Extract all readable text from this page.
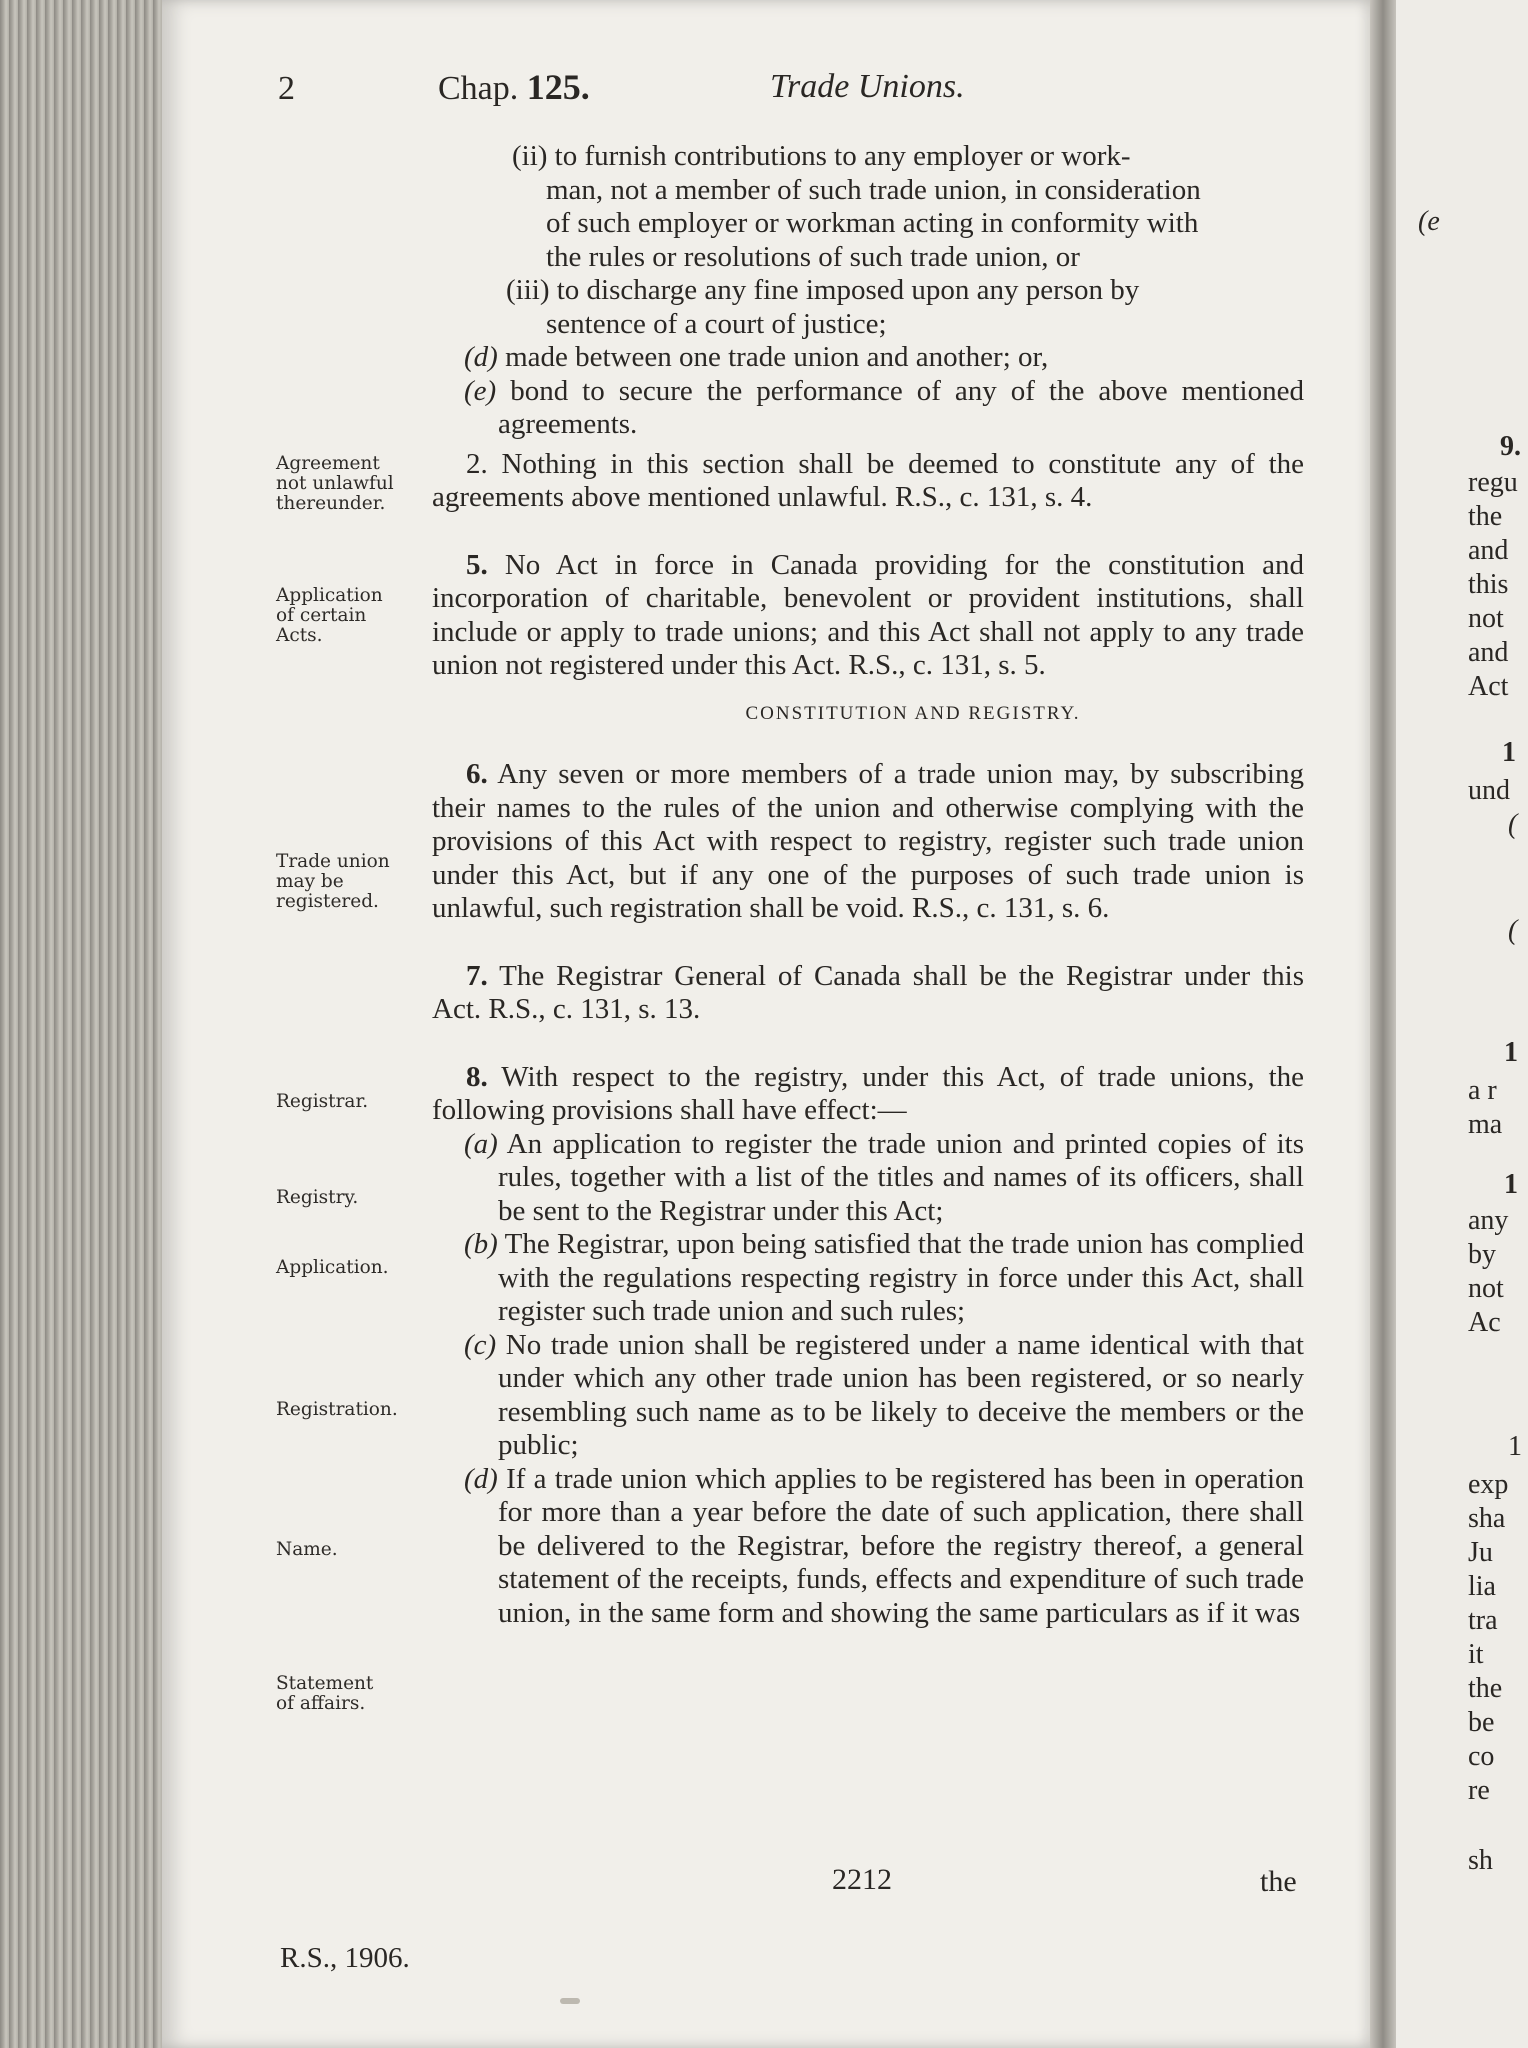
(e
9.
regu
the
and
this
not
and
Act
1
und
(
(
1
a r
ma
1
any
by
not
Ac
1
exp
sha
Ju
lia
tra
it
the
be
co
re
sh
2	Chap. 125.	Trade Unions.
Agreement
not unlawful
thereunder.
Application
of certain
Acts.
Trade union
may be
registered.
Registrar.
Registry.
Application.
Registration.
Name.
Statement
of affairs.

(ii) to furnish contributions to any employer or work-

man, not a member of such trade union, in consideration

of such employer or workman acting in conformity with

the rules or resolutions of such trade union, or

(iii) to discharge any fine imposed upon any person by

sentence of a court of justice;

(d) made between one trade union and another; or,

(e) bond to secure the performance of any of the above mentioned agreements.

2. Nothing in this section shall be deemed to constitute any of the agreements above mentioned unlawful. R.S., c. 131, s. 4.

5. No Act in force in Canada providing for the constitution and incorporation of charitable, benevolent or provident institutions, shall include or apply to trade unions; and this Act shall not apply to any trade union not registered under this Act. R.S., c. 131, s. 5.

CONSTITUTION AND REGISTRY.

6. Any seven or more members of a trade union may, by subscribing their names to the rules of the union and otherwise complying with the provisions of this Act with respect to registry, register such trade union under this Act, but if any one of the purposes of such trade union is unlawful, such registration shall be void. R.S., c. 131, s. 6.

7. The Registrar General of Canada shall be the Registrar under this Act. R.S., c. 131, s. 13.

8. With respect to the registry, under this Act, of trade unions, the following provisions shall have effect:—

(a) An application to register the trade union and printed copies of its rules, together with a list of the titles and names of its officers, shall be sent to the Registrar under this Act;

(b) The Registrar, upon being satisfied that the trade union has complied with the regulations respecting registry in force under this Act, shall register such trade union and such rules;

(c) No trade union shall be registered under a name identical with that under which any other trade union has been registered, or so nearly resembling such name as to be likely to deceive the members or the public;

(d) If a trade union which applies to be registered has been in operation for more than a year before the date of such application, there shall be delivered to the Registrar, before the registry thereof, a general statement of the receipts, funds, effects and expenditure of such trade union, in the same form and showing the same particulars as if it was

2212	the
R.S., 1906.
